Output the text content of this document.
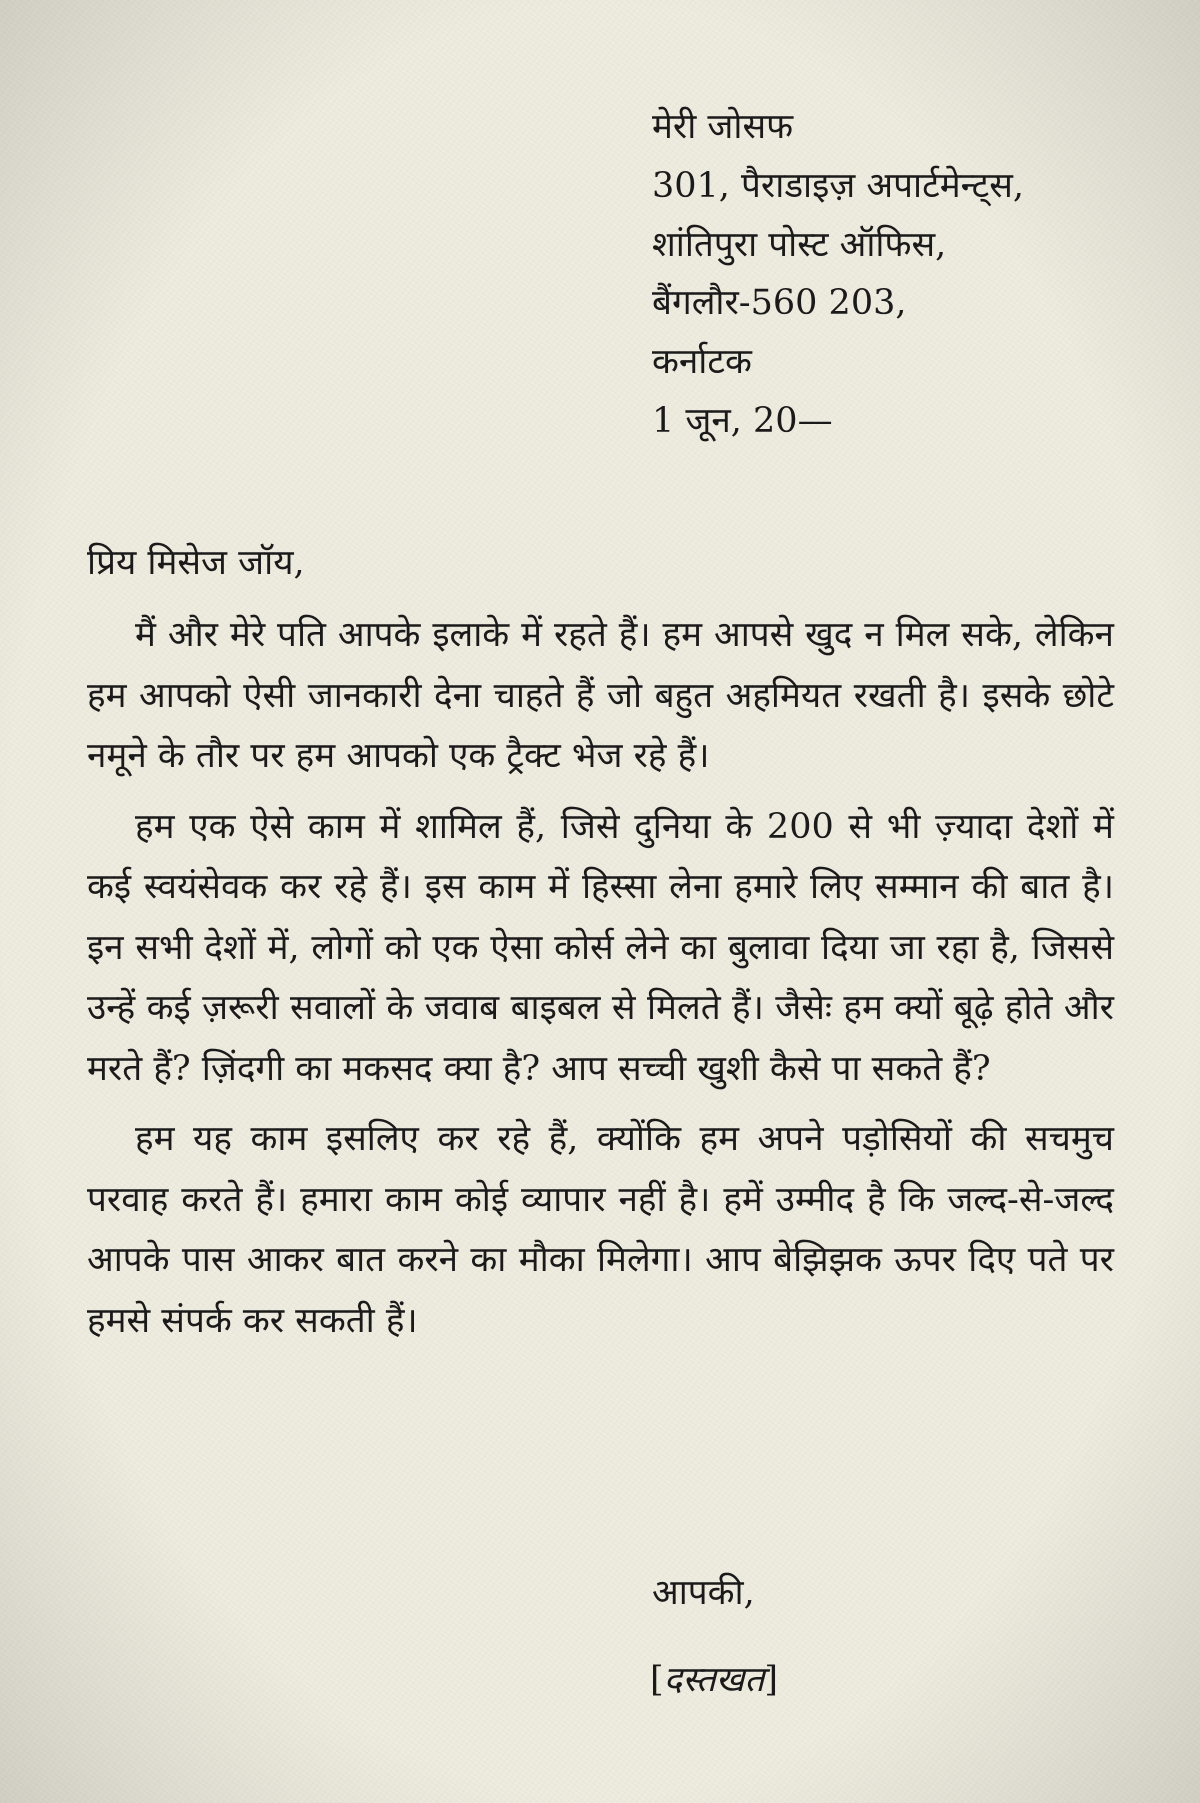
मेरी जोसफ
301, पैराडाइज़ अपार्टमेन्ट्स,
शांतिपुरा पोस्ट ऑफिस,
बैंगलौर-560 203,
कर्नाटक
1 जून, 20—
प्रिय मिसेज जॉय,

मैं और मेरे पति आपके इलाके में रहते हैं। हम आपसे खुद न मिल सके, लेकिन हम आपको ऐसी जानकारी देना चाहते हैं जो बहुत अहमियत रखती है। इसके छोटे नमूने के तौर पर हम आपको एक ट्रैक्ट भेज रहे हैं।

हम एक ऐसे काम में शामिल हैं, जिसे दुनिया के 200 से भी ज़्यादा देशों में कई स्वयंसेवक कर रहे हैं। इस काम में हिस्सा लेना हमारे लिए सम्मान की बात है। इन सभी देशों में, लोगों को एक ऐसा कोर्स लेने का बुलावा दिया जा रहा है, जिससे उन्हें कई ज़रूरी सवालों के जवाब बाइबल से मिलते हैं। जैसेः हम क्यों बूढ़े होते और मरते हैं? ज़िंदगी का मकसद क्या है? आप सच्ची खुशी कैसे पा सकते हैं?

हम यह काम इसलिए कर रहे हैं, क्योंकि हम अपने पड़ोसियों की सचमुच परवाह करते हैं। हमारा काम कोई व्यापार नहीं है। हमें उम्मीद है कि जल्द-से-जल्द आपके पास आकर बात करने का मौका मिलेगा। आप बेझिझक ऊपर दिए पते पर हमसे संपर्क कर सकती हैं।

आपकी,
[दस्तखत]
